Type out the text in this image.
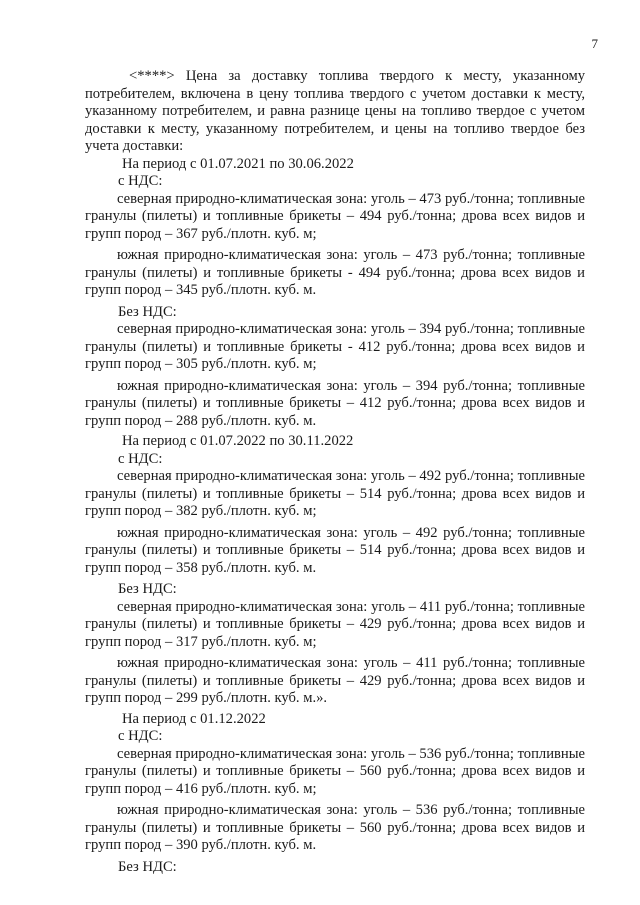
7

<****> Цена за доставку топлива твердого к месту, указанному потребителем, включена в цену топлива твердого с учетом доставки к месту, указанному потребителем, и равна разнице цены на топливо твердое с учетом доставки к месту, указанному потребителем, и цены на топливо твердое без учета доставки:

На период с 01.07.2021 по 30.06.2022

с НДС:

северная природно-климатическая зона: уголь – 473 руб./тонна; топливные гранулы (пилеты) и топливные брикеты – 494 руб./тонна; дрова всех видов и групп пород – 367 руб./плотн. куб. м;

южная природно-климатическая зона: уголь – 473 руб./тонна; топливные гранулы (пилеты) и топливные брикеты - 494 руб./тонна; дрова всех видов и групп пород – 345 руб./плотн. куб. м.

Без НДС:

северная природно-климатическая зона: уголь – 394 руб./тонна; топливные гранулы (пилеты) и топливные брикеты - 412 руб./тонна; дрова всех видов и групп пород – 305 руб./плотн. куб. м;

южная природно-климатическая зона: уголь – 394 руб./тонна; топливные гранулы (пилеты) и топливные брикеты – 412 руб./тонна; дрова всех видов и групп пород – 288 руб./плотн. куб. м.

На период с 01.07.2022 по 30.11.2022

с НДС:

северная природно-климатическая зона: уголь – 492 руб./тонна; топливные гранулы (пилеты) и топливные брикеты – 514 руб./тонна; дрова всех видов и групп пород – 382 руб./плотн. куб. м;

южная природно-климатическая зона: уголь – 492 руб./тонна; топливные гранулы (пилеты) и топливные брикеты – 514 руб./тонна; дрова всех видов и групп пород – 358 руб./плотн. куб. м.

Без НДС:

северная природно-климатическая зона: уголь – 411 руб./тонна; топливные гранулы (пилеты) и топливные брикеты – 429 руб./тонна; дрова всех видов и групп пород – 317 руб./плотн. куб. м;

южная природно-климатическая зона: уголь – 411 руб./тонна; топливные гранулы (пилеты) и топливные брикеты – 429 руб./тонна; дрова всех видов и групп пород – 299 руб./плотн. куб. м.».

На период с 01.12.2022

с НДС:

северная природно-климатическая зона: уголь – 536 руб./тонна; топливные гранулы (пилеты) и топливные брикеты – 560 руб./тонна; дрова всех видов и групп пород – 416 руб./плотн. куб. м;

южная природно-климатическая зона: уголь – 536 руб./тонна; топливные гранулы (пилеты) и топливные брикеты – 560 руб./тонна; дрова всех видов и групп пород – 390 руб./плотн. куб. м.

Без НДС:
